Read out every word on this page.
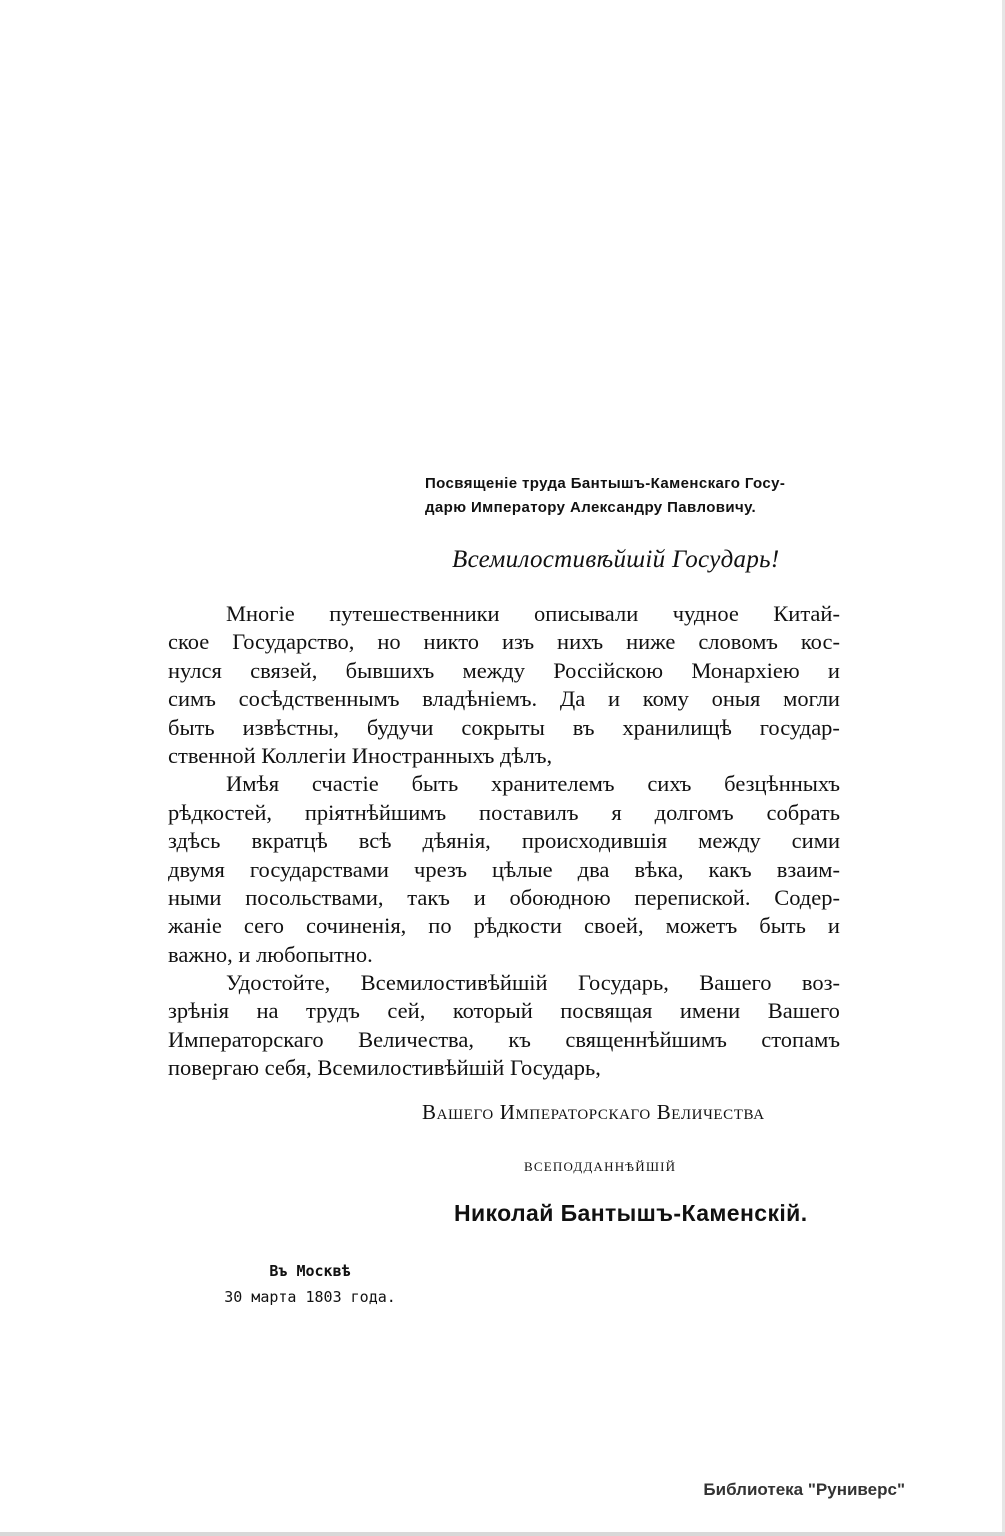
Посвященіе труда Бантышъ-Каменскаго Госу-
дарю Императору Александру Павловичу.
Всемилостивѣйшій Государь!
Многіе путешественники описывали чудное Китай-
ское Государство, но никто изъ нихъ ниже словомъ кос-
нулся связей, бывшихъ между Россійскою Монархіею и
симъ сосѣдственнымъ владѣніемъ. Да и кому оныя могли
быть извѣстны, будучи сокрыты въ хранилищѣ государ-
ственной Коллегіи Иностранныхъ дѣлъ,
Имѣя счастіе быть хранителемъ сихъ безцѣнныхъ
рѣдкостей, пріятнѣйшимъ поставилъ я долгомъ собрать
здѣсь вкратцѣ всѣ дѣянія, происходившія между сими
двумя государствами чрезъ цѣлые два вѣка, какъ взаим-
ными посольствами, такъ и обоюдною перепиской. Содер-
жаніе сего сочиненія, по рѣдкости своей, можетъ быть и
важно, и любопытно.
Удостойте, Всемилостивѣйшій Государь, Вашего воз-
зрѣнія на трудъ сей, который посвящая имени Вашего
Императорскаго Величества, къ священнѣйшимъ стопамъ
повергаю себя, Всемилостивѣйшій Государь,
Вашего Императорскаго Величества
всеподданнѣйшій
Николай Бантышъ-Каменскій.
Въ Москвѣ
30 марта 1803 года.
Библиотека "Руниверс"
